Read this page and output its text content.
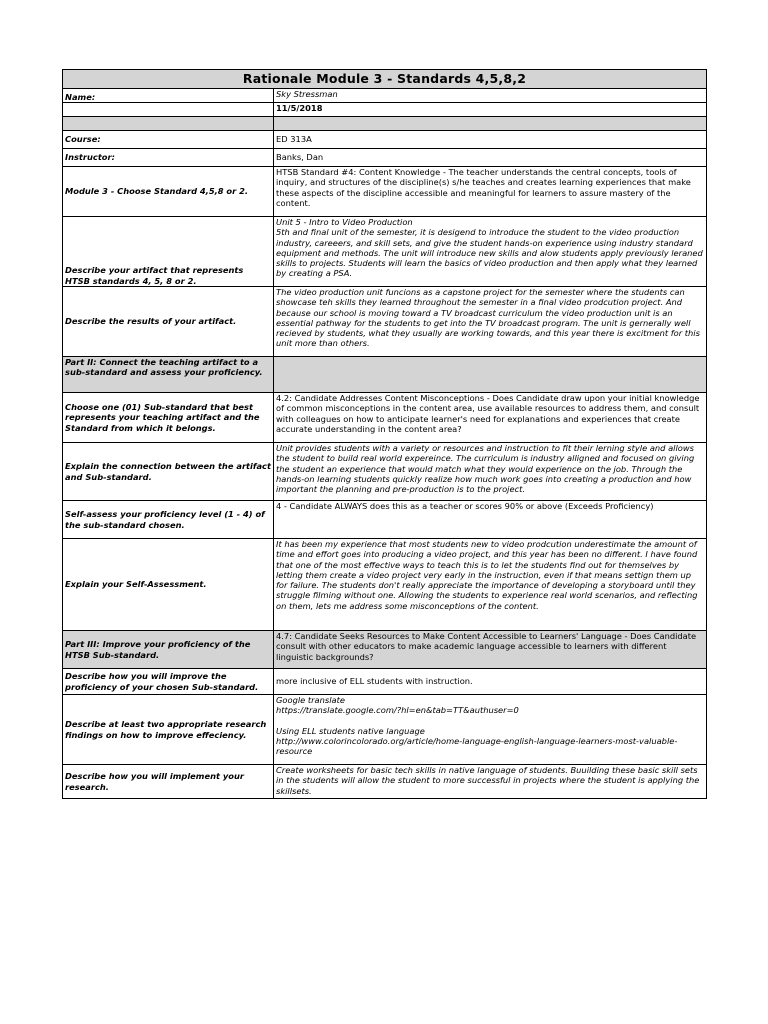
Rationale Module 3 - Standards 4,5,8,2	
Name:	Sky Stressman
	11/5/2018

Course:	ED 313A
Instructor:	Banks, Dan
Module 3 - Choose Standard 4,5,8 or 2.	HTSB Standard #4: Content Knowledge - The teacher understands the central concepts, tools of inquiry, and structures of the discipline(s) s/he teaches and creates learning experiences that make these aspects of the discipline accessible and meaningful for learners to assure mastery of the content.
Describe your artifact that represents HTSB standards 4, 5, 8 or 2.	Unit 5 - Intro to Video Production
5th and final unit of the semester, it is desigend to introduce the student to the video production industry, careeers, and skill sets, and give the student hands-on experience using industry standard equipment and methods. The unit will introduce new skills and alow students apply previously leraned skills to projects. Students will learn the basics of video production and then apply what they learned by creating a PSA.
Describe the results of your artifact.	The video production unit funcions as a capstone project for the semester where the students can showcase teh skills they learned throughout the semester in a final video prodcution project. And because our school is moving toward a TV broadcast curriculum the video production unit is an essential pathway for the students to get into the TV broadcast program. The unit is gernerally well recieved by students, what they usually are working towards, and this year there is excitment for this unit more than others.
Part II: Connect the teaching artifact to a sub-standard and assess your proficiency.	
Choose one (01) Sub-standard that best represents your teaching artifact and the Standard from which it belongs.	4.2: Candidate Addresses Content Misconceptions - Does Candidate draw upon your initial knowledge of common misconceptions in the content area, use available resources to address them, and consult with colleagues on how to anticipate learner's need for explanations and experiences that create accurate understanding in the content area?
Explain the connection between the artifact and Sub-standard.	Unit provides students with a variety or resources and instruction to fit their lerning style and allows the student to build real world expereince. The curriculum is industry alligned and focused on giving the student an experience that would match what they would experience on the job. Through the hands-on learning students quickly realize how much work goes into creating a production and how important the planning and pre-production is to the project.
Self-assess your proficiency level (1 - 4) of the sub-standard chosen.	4 - Candidate ALWAYS does this as a teacher or scores 90% or above (Exceeds Proficiency)
Explain your Self-Assessment.	It has been my experience that most students new to video prodcution underestimate the amount of time and effort goes into producing a video project, and this year has been no different. I have found that one of the most effective ways to teach this is to let the students find out for themselves by letting them create a video project very early in the instruction, even if that means settign them up for failure. The students don't really appreciate the importance of developing a storyboard until they struggle filming without one. Allowing the students to experience real world scenarios, and reflecting on them, lets me address some misconceptions of the content.
Part III: Improve your proficiency of the HTSB Sub-standard.	4.7: Candidate Seeks Resources to Make Content Accessible to Learners' Language - Does Candidate consult with other educators to make academic language accessible to learners with different linguistic backgrounds?
Describe how you will improve the proficiency of your chosen Sub-standard.	more inclusive of ELL students with instruction.
Describe at least two appropriate research findings on how to improve effeciency.	Google translate
https://translate.google.com/?hl=en&tab=TT&authuser=0

Using ELL students native language
http://www.colorincolorado.org/article/home-language-english-language-learners-most-valuable-resource
Describe how you will implement your research.	Create worksheets for basic tech skills in native language of students. Buuilding these basic skill sets in the students will allow the student to more successful in projects where the student is applying the skillsets.
